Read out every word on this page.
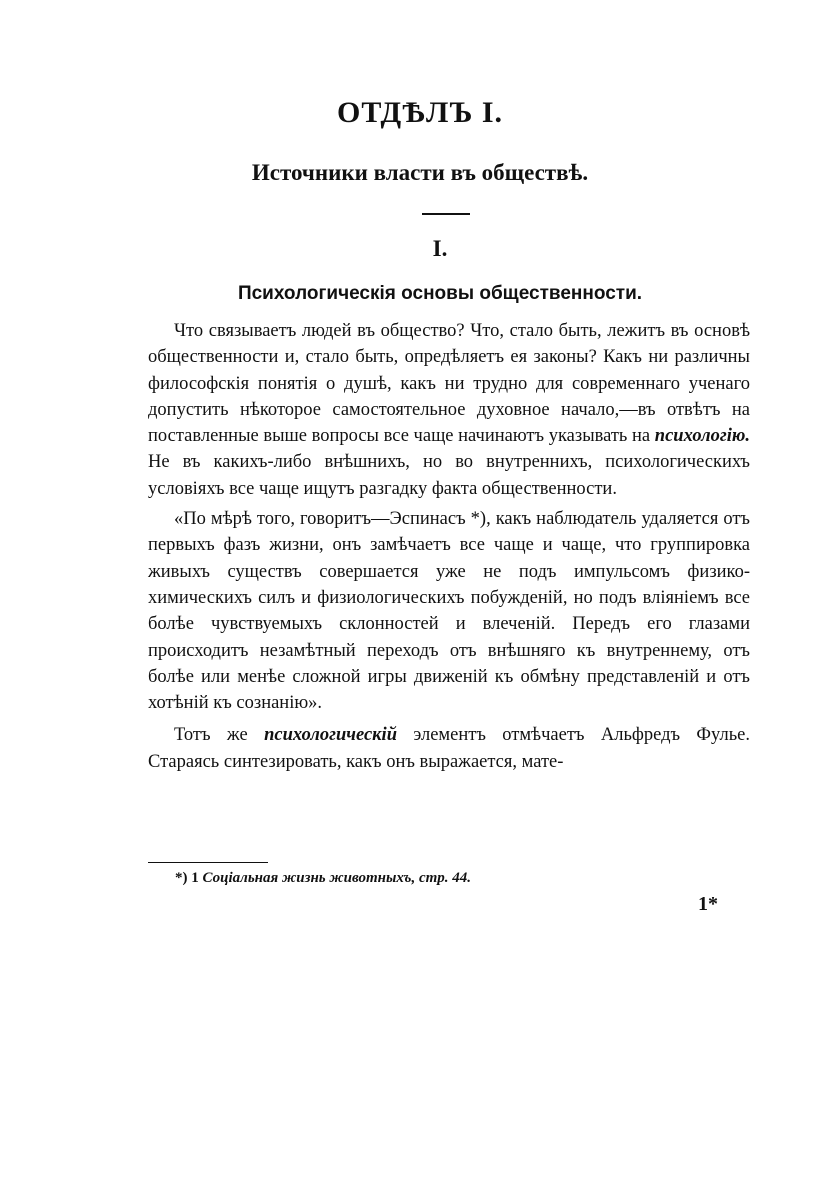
ОТДѢЛЪ I.
Источники власти въ обществѣ.
I.
Психологическія основы общественности.

Что связываетъ людей въ общество? Что, стало быть, лежитъ въ основѣ общественности и, стало быть, опредѣляетъ ея законы? Какъ ни различны философскія понятія о душѣ, какъ ни трудно для современнаго ученаго допустить нѣкоторое самостоятельное духовное начало,—въ отвѣтъ на поставленные выше вопросы все чаще начинаютъ указывать на психологію. Не въ какихъ-либо внѣшнихъ, но во внутреннихъ, психологическихъ условіяхъ все чаще ищутъ разгадку факта общественности.

«По мѣрѣ того, говоритъ—Эспинасъ *), какъ наблюдатель удаляется отъ первыхъ фазъ жизни, онъ замѣчаетъ все чаще и чаще, что группировка живыхъ существъ совершается уже не подъ импульсомъ физико-химическихъ силъ и физиологическихъ побужденій, но подъ вліяніемъ все болѣе чувствуемыхъ склонностей и влеченій. Передъ его глазами происходитъ незамѣтный переходъ отъ внѣшняго къ внутреннему, отъ болѣе или менѣе сложной игры движеній къ обмѣну представленій и отъ хотѣній къ сознанію».

Тотъ же психологическій элементъ отмѣчаетъ Альфредъ Фулье. Стараясь синтезировать, какъ онъ выражается, мате-

*) 1 Соціальная жизнь животныхъ, стр. 44.
1*
